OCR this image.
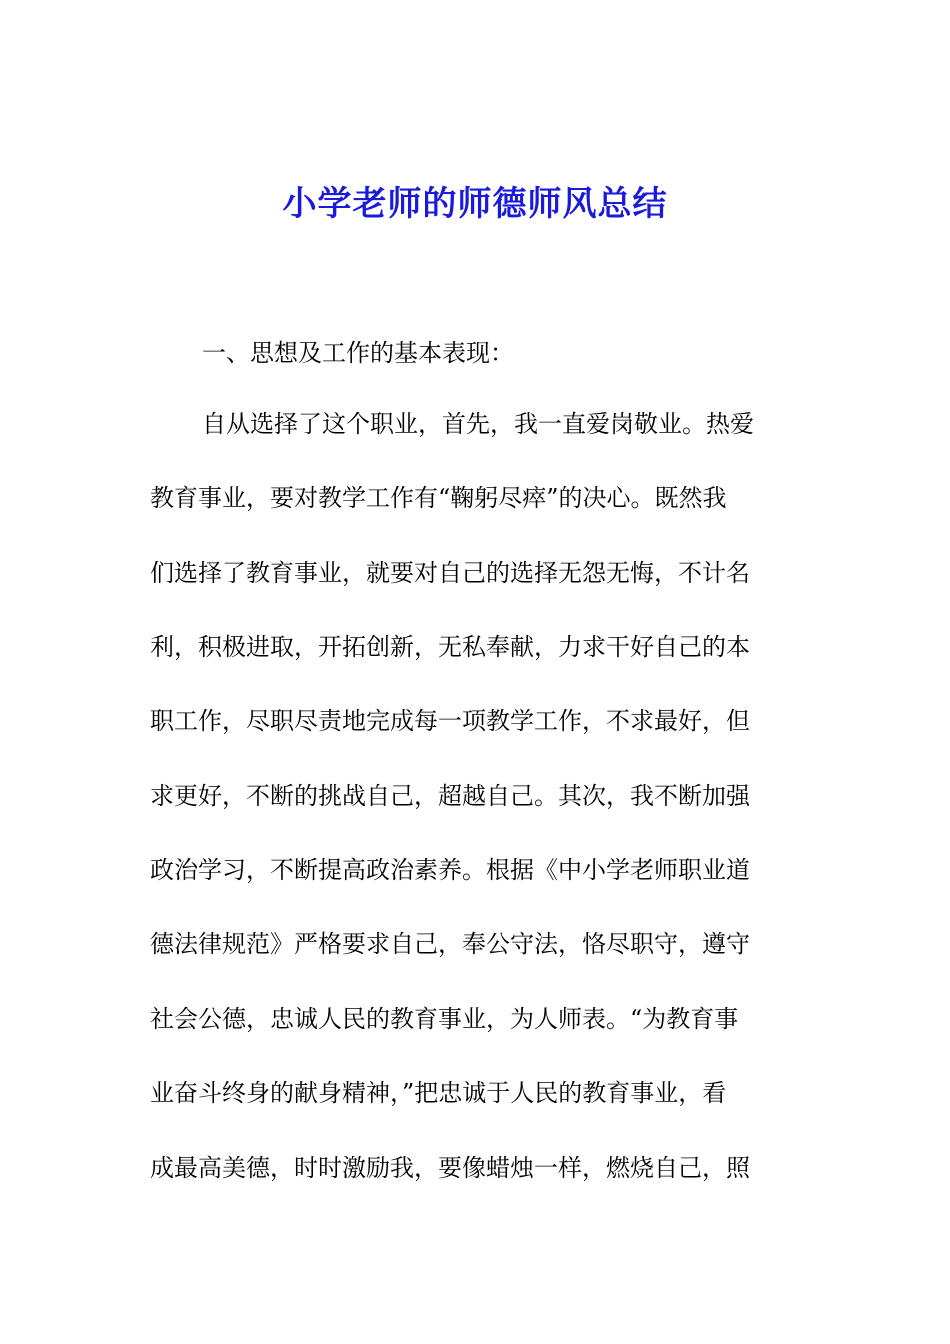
小学老师的师德师风总结
一、思想及工作的基本表现：
自从选择了这个职业，首先，我一直爱岗敬业。热爱
教育事业，要对教学工作有“鞠躬尽瘁”的决心。既然我
们选择了教育事业，就要对自己的选择无怨无悔，不计名
利，积极进取，开拓创新，无私奉献，力求干好自己的本
职工作，尽职尽责地完成每一项教学工作，不求最好，但
求更好，不断的挑战自己，超越自己。其次，我不断加强
政治学习，不断提高政治素养。根据《中小学老师职业道
德法律规范》严格要求自己，奉公守法，恪尽职守，遵守
社会公德，忠诚人民的教育事业，为人师表。“为教育事
业奋斗终身的献身精神，”把忠诚于人民的教育事业，看
成最高美德，时时激励我，要像蜡烛一样，燃烧自己，照
